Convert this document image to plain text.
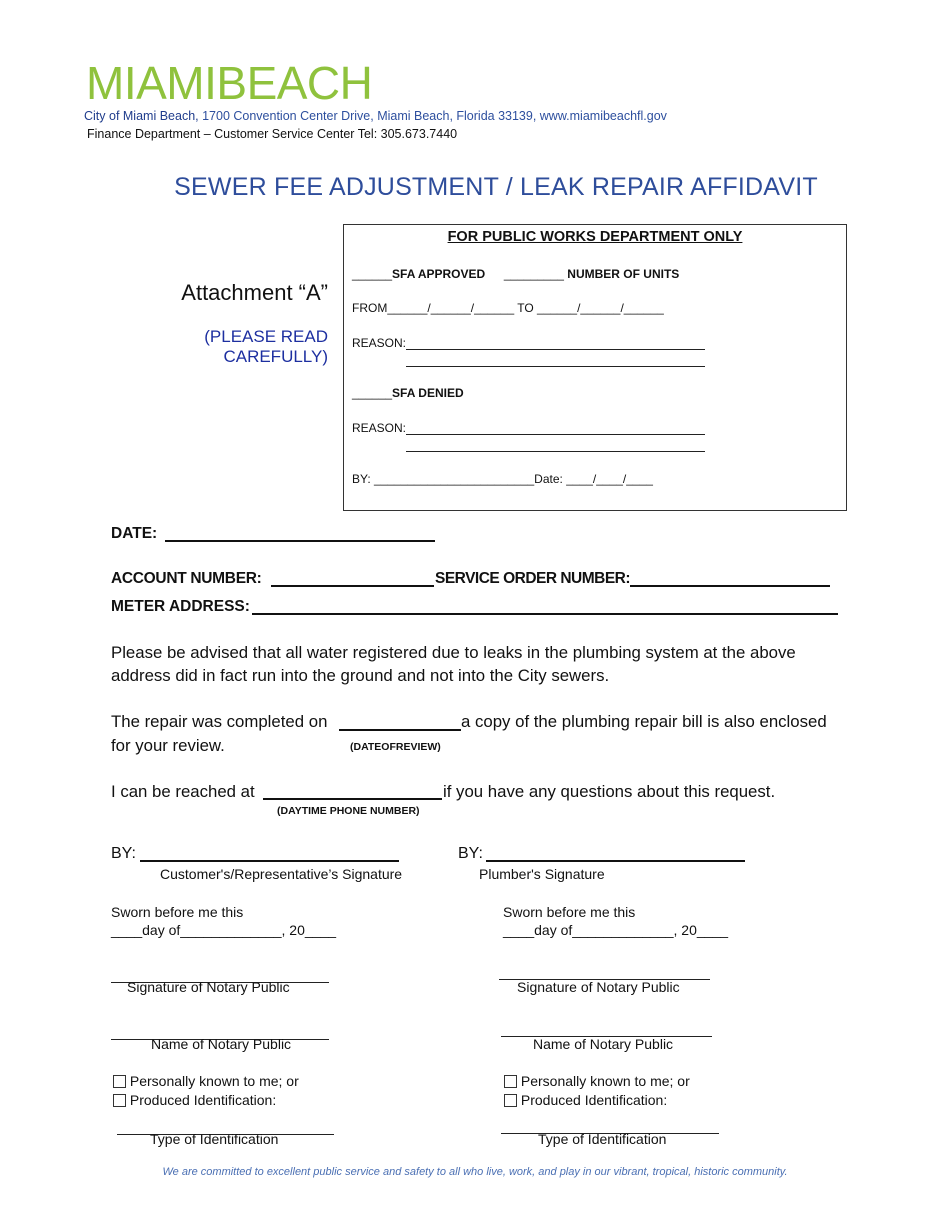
MIAMIBEACH
City of Miami Beach, 1700 Convention Center Drive, Miami Beach, Florida 33139, www.miamibeachfl.gov
Finance Department – Customer Service Center Tel: 305.673.7440
SEWER FEE ADJUSTMENT / LEAK REPAIR AFFIDAVIT
Attachment “A”
(PLEASE READ CAREFULLY)
FOR PUBLIC WORKS DEPARTMENT ONLY
______SFA APPROVED _________ NUMBER OF UNITS
FROM______/______/______ TO ______/______/______
REASON:
______SFA DENIED
REASON:
BY: ________________________Date: ____/____/____
DATE:
ACCOUNT NUMBER:	SERVICE ORDER NUMBER:
METER ADDRESS:
Please be advised that all water registered due to leaks in the plumbing system at the above
address did in fact run into the ground and not into the City sewers.
The repair was completed on	a copy of the plumbing repair bill is also enclosed
for your review.	(DATEOFREVIEW)
I can be reached at	if you have any questions about this request.
(DAYTIME PHONE NUMBER)
BY:
Customer's/Representative’s Signature
BY:
Plumber's Signature
Sworn before me this
____day of_____________, 20____
Signature of Notary Public
Name of Notary Public
Personally known to me; or
Produced Identification:
Type of Identification
Sworn before me this
____day of_____________, 20____
Signature of Notary Public
Name of Notary Public
Personally known to me; or
Produced Identification:
Type of Identification
We are committed to excellent public service and safety to all who live, work, and play in our vibrant, tropical, historic community.
